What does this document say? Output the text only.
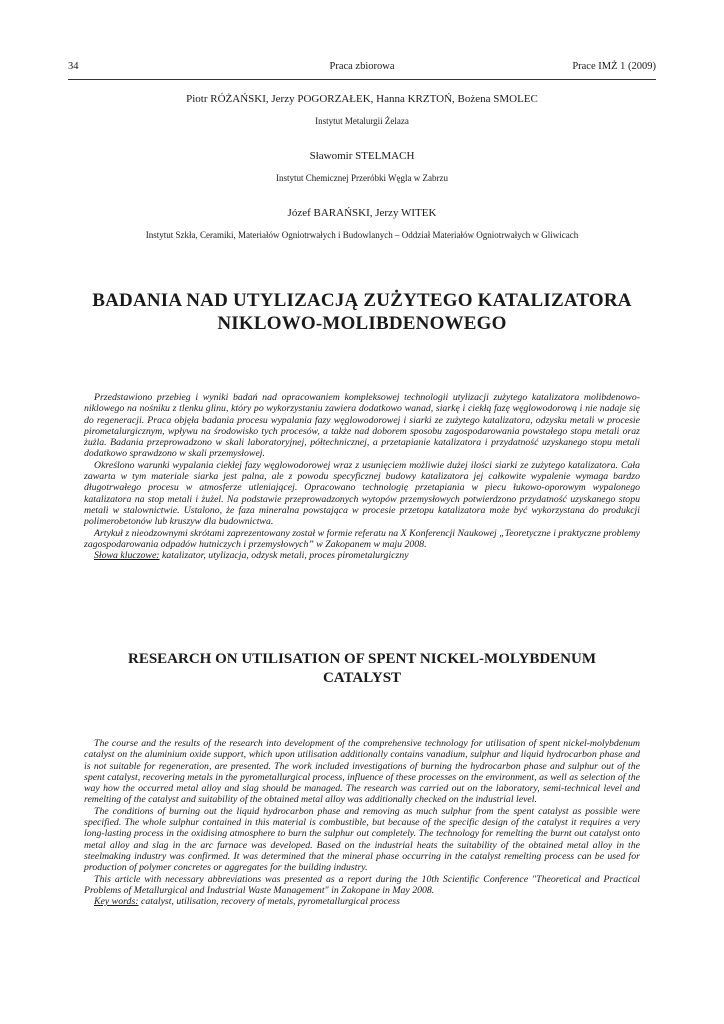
34	Praca zbiorowa	Prace IMŻ 1 (2009)
Piotr RÓŻAŃSKI, Jerzy POGORZAŁEK, Hanna KRZTOŃ, Bożena SMOLEC
Instytut Metalurgii Żelaza
Sławomir STELMACH
Instytut Chemicznej Przeróbki Węgla w Zabrzu
Józef BARAŃSKI, Jerzy WITEK
Instytut Szkła, Ceramiki, Materiałów Ogniotrwałych i Budowlanych – Oddział Materiałów Ogniotrwałych w Gliwicach
BADANIA NAD UTYLIZACJĄ ZUŻYTEGO KATALIZATORA
NIKLOWO-MOLIBDENOWEGO

Przedstawiono przebieg i wyniki badań nad opracowaniem kompleksowej technologii utylizacji zużytego katalizatora molibdenowo-niklowego na nośniku z tlenku glinu, który po wykorzystaniu zawiera dodatkowo wanad, siarkę i ciekłą fazę węglowodorową i nie nadaje się do regeneracji. Praca objęła badania procesu wypalania fazy węglowodorowej i siarki ze zużytego katalizatora, odzysku metali w procesie pirometalurgicznym, wpływu na środowisko tych procesów, a także nad doborem sposobu zagospodarowania powstałego stopu metali oraz żużla. Badania przeprowadzono w skali laboratoryjnej, półtechnicznej, a przetapianie katalizatora i przydatność uzyskanego stopu metali dodatkowo sprawdzono w skali przemysłowej.

Określono warunki wypalania ciekłej fazy węglowodorowej wraz z usunięciem możliwie dużej ilości siarki ze zużytego katalizatora. Cała zawarta w tym materiale siarka jest palna, ale z powodu specyficznej budowy katalizatora jej całkowite wypalenie wymaga bardzo długotrwałego procesu w atmosferze utleniającej. Opracowano technologię przetapiania w piecu łukowo-oporowym wypalonego katalizatora na stop metali i żużel. Na podstawie przeprowadzonych wytopów przemysłowych potwierdzono przydatność uzyskanego stopu metali w stalownictwie. Ustalono, że faza mineralna powstająca w procesie przetopu katalizatora może być wykorzystana do produkcji polimerobetonów lub kruszyw dla budownictwa.

Artykuł z nieodzownymi skrótami zaprezentowany został w formie referatu na X Konferencji Naukowej „Teoretyczne i praktyczne problemy zagospodarowania odpadów hutniczych i przemysłowych” w Zakopanem w maju 2008.

Słowa kluczowe: katalizator, utylizacja, odzysk metali, proces pirometalurgiczny

RESEARCH ON UTILISATION OF SPENT NICKEL-MOLYBDENUM
CATALYST

The course and the results of the research into development of the comprehensive technology for utilisation of spent nickel-molybdenum catalyst on the aluminium oxide support, which upon utilisation additionally contains vanadium, sulphur and liquid hydrocarbon phase and is not suitable for regeneration, are presented. The work included investigations of burning the hydrocarbon phase and sulphur out of the spent catalyst, recovering metals in the pyrometallurgical process, influence of these processes on the environment, as well as selection of the way how the occurred metal alloy and slag should be managed. The research was carried out on the laboratory, semi-technical level and remelting of the catalyst and suitability of the obtained metal alloy was additionally checked on the industrial level.

The conditions of burning out the liquid hydrocarbon phase and removing as much sulphur from the spent catalyst as possible were specified. The whole sulphur contained in this material is combustible, but because of the specific design of the catalyst it requires a very long-lasting process in the oxidising atmosphere to burn the sulphur out completely. The technology for remelting the burnt out catalyst onto metal alloy and slag in the arc furnace was developed. Based on the industrial heats the suitability of the obtained metal alloy in the steelmaking industry was confirmed. It was determined that the mineral phase occurring in the catalyst remelting process can be used for production of polymer concretes or aggregates for the building industry.

This article with necessary abbreviations was presented as a report during the 10th Scientific Conference "Theoretical and Practical Problems of Metallurgical and Industrial Waste Management" in Zakopane in May 2008.

Key words: catalyst, utilisation, recovery of metals, pyrometallurgical process
